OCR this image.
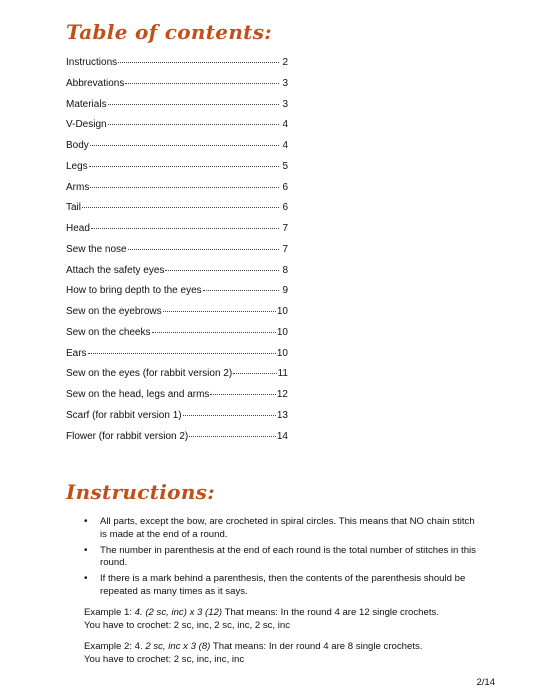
Table of contents:
Instructions	2
Abbrevations	3
Materials	3
V-Design	4
Body	4
Legs	5
Arms	6
Tail	6
Head	7
Sew the nose	7
Attach the safety eyes	8
How to bring depth to the eyes	9
Sew on the eyebrows	10
Sew on the cheeks	10
Ears	10
Sew on the eyes (for rabbit version 2)	11
Sew on the head, legs and arms	12
Scarf (for rabbit version 1)	13
Flower (for rabbit version 2)	14
Instructions:
• All parts, except the bow, are crocheted in spiral circles. This means that NO chain stitch is made at the end of a round.
• The number in parenthesis at the end of each round is the total number of stitches in this round.
• If there is a mark behind a parenthesis, then the contents of the parenthesis should be repeated as many times as it says.
Example 1: 4. (2 sc, inc) x 3 (12) That means: In the round 4 are 12 single crochets.
You have to crochet: 2 sc, inc, 2 sc, inc, 2 sc, inc
Example 2: 4. 2 sc, inc x 3 (8) That means: In der round 4 are 8 single crochets.
You have to crochet: 2 sc, inc, inc, inc
2/14
